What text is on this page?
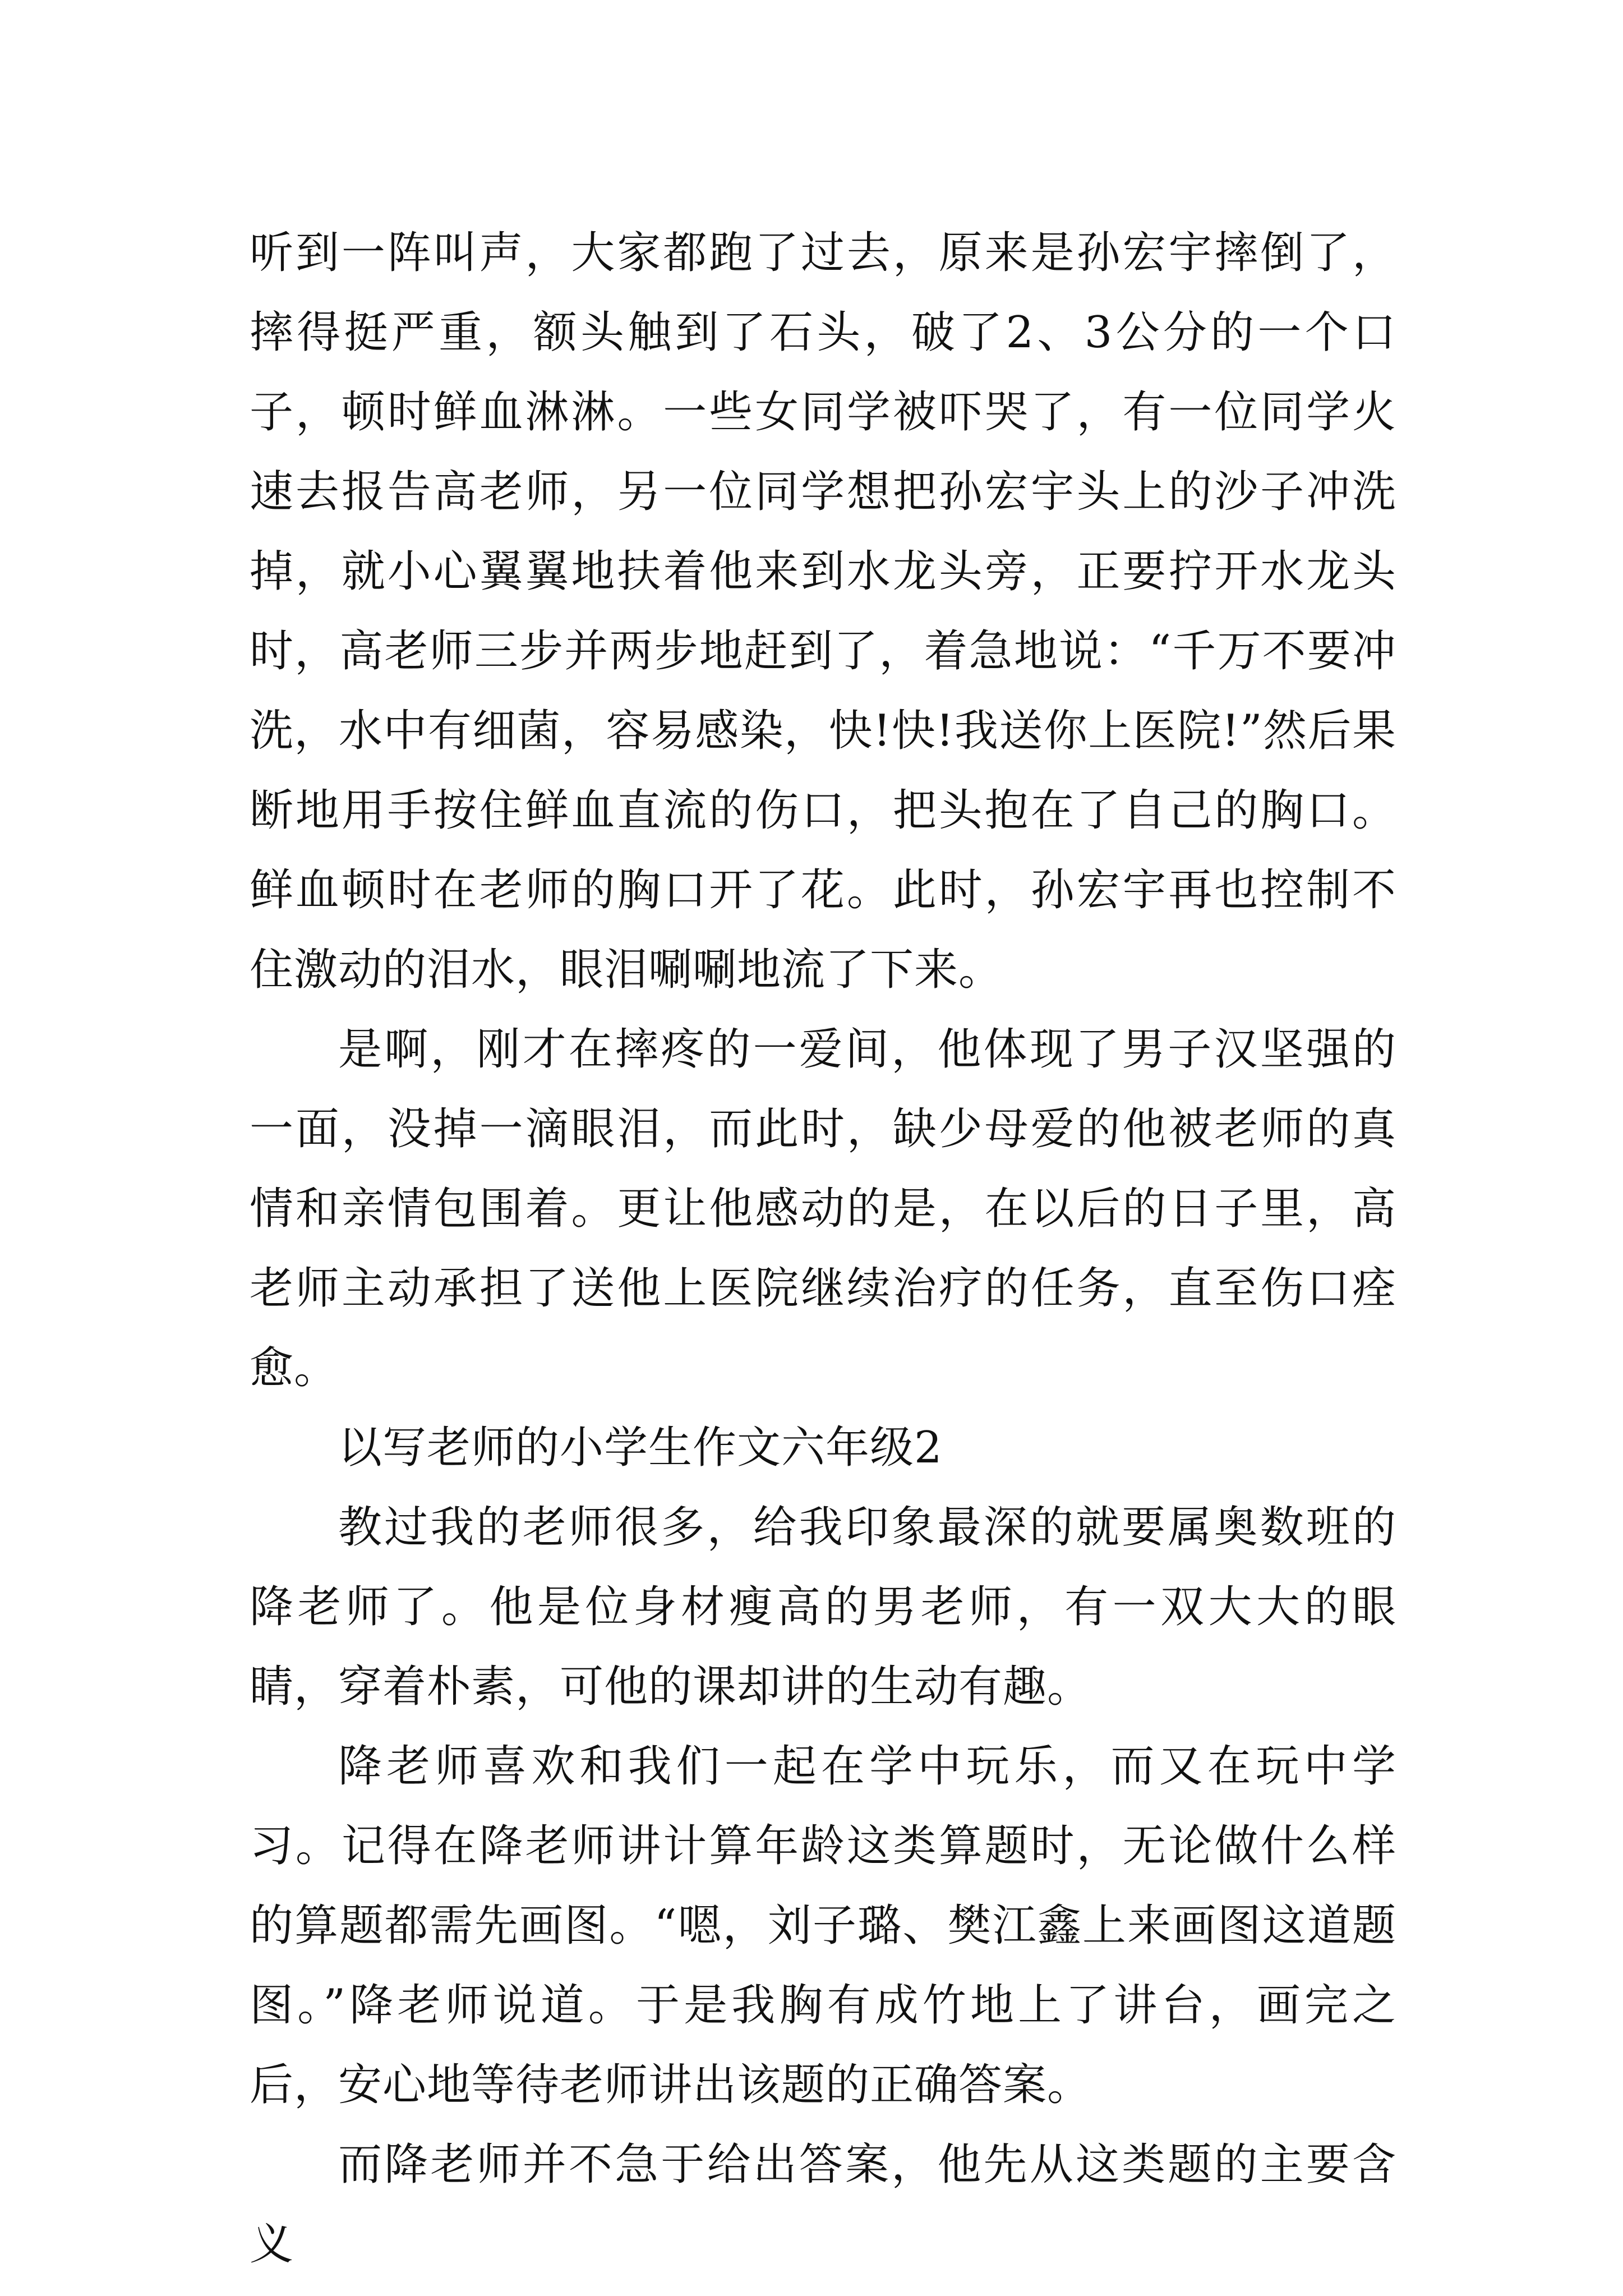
听到一阵叫声，大家都跑了过去，原来是孙宏宇摔倒了，摔得挺严重，额头触到了石头，破了2、3公分的一个口子，顿时鲜血淋淋。一些女同学被吓哭了，有一位同学火速去报告高老师，另一位同学想把孙宏宇头上的沙子冲洗掉，就小心翼翼地扶着他来到水龙头旁，正要拧开水龙头时，高老师三步并两步地赶到了，着急地说：“千万不要冲洗，水中有细菌，容易感染，快!快!我送你上医院!”然后果断地用手按住鲜血直流的伤口，把头抱在了自己的胸口。鲜血顿时在老师的胸口开了花。此时，孙宏宇再也控制不住激动的泪水，眼泪唰唰地流了下来。

是啊，刚才在摔疼的一爱间，他体现了男子汉坚强的一面，没掉一滴眼泪，而此时，缺少母爱的他被老师的真情和亲情包围着。更让他感动的是，在以后的日子里，高老师主动承担了送他上医院继续治疗的任务，直至伤口痊愈。

以写老师的小学生作文六年级2

教过我的老师很多，给我印象最深的就要属奥数班的降老师了。他是位身材瘦高的男老师，有一双大大的眼睛，穿着朴素，可他的课却讲的生动有趣。

降老师喜欢和我们一起在学中玩乐，而又在玩中学习。记得在降老师讲计算年龄这类算题时，无论做什么样的算题都需先画图。“嗯，刘子璐、樊江鑫上来画图这道题图。”降老师说道。于是我胸有成竹地上了讲台，画完之后，安心地等待老师讲出该题的正确答案。

而降老师并不急于给出答案，他先从这类题的主要含义
